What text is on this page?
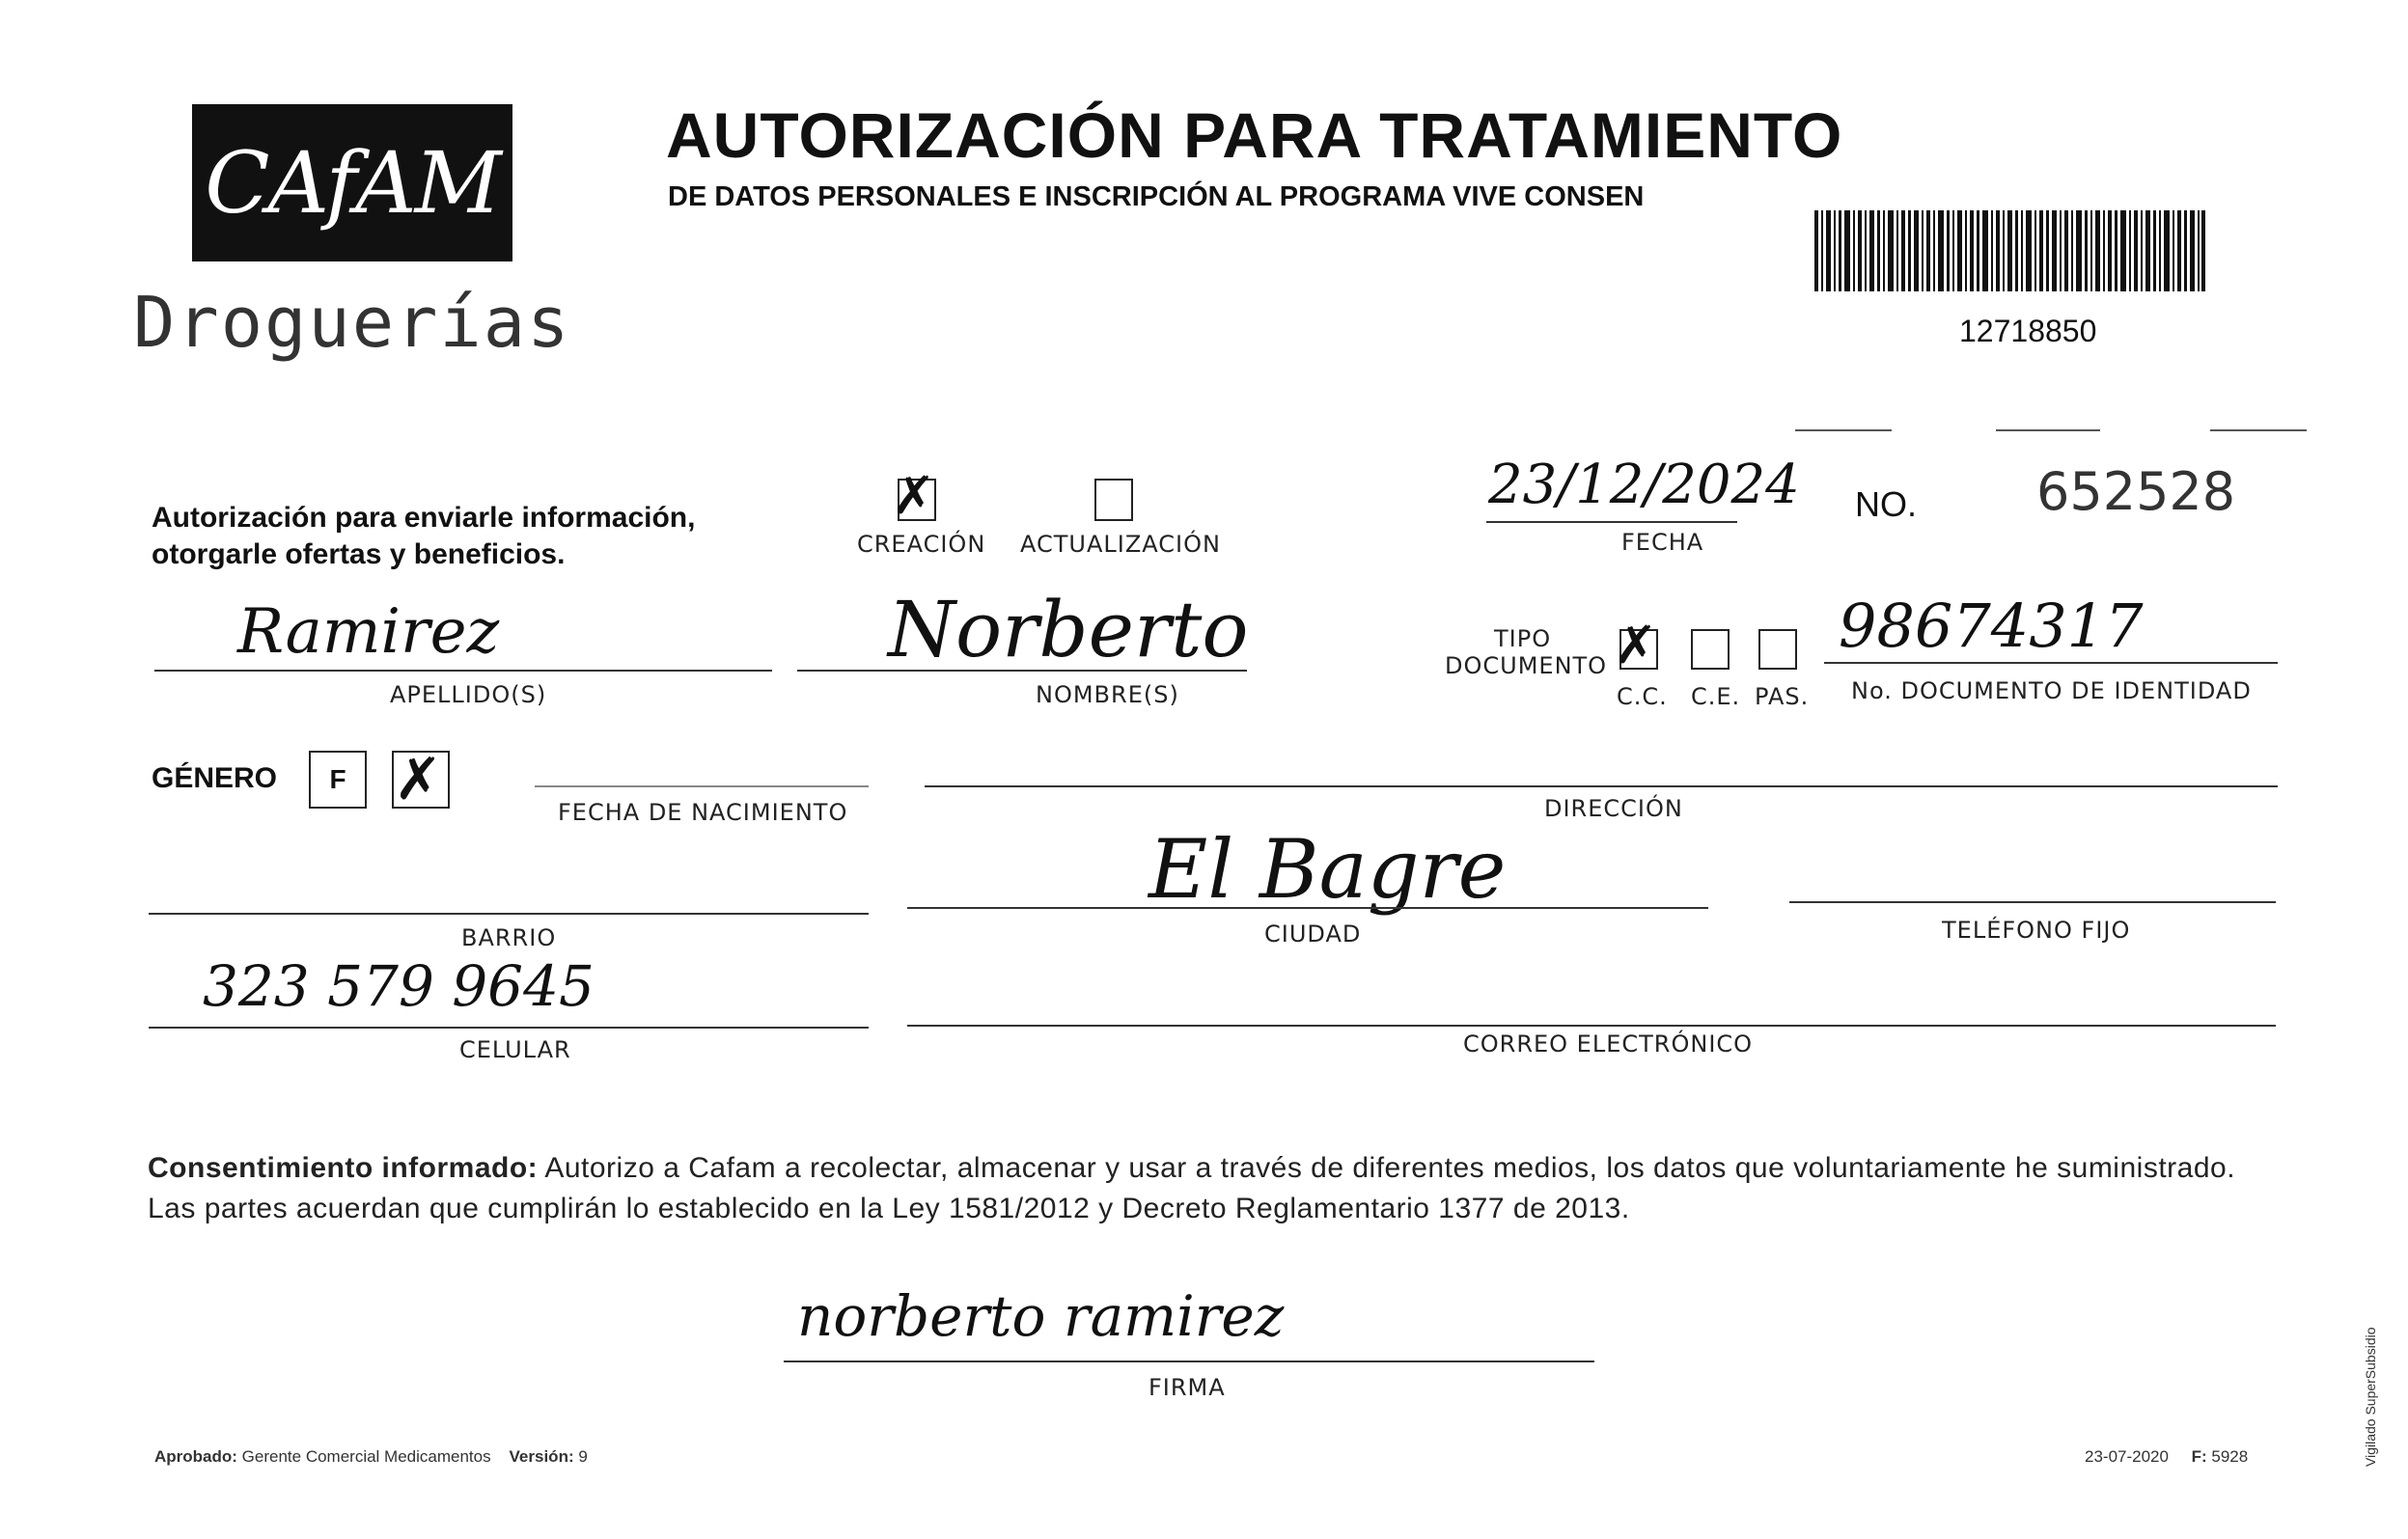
CAfAM
Droguerías
AUTORIZACIÓN PARA TRATAMIENTO
DE DATOS PERSONALES E INSCRIPCIÓN AL PROGRAMA VIVE CONSEN
12718850
Autorización para enviarle información,
otorgarle ofertas y beneficios.
✗
CREACIÓN ACTUALIZACIÓN
23/12/2024
FECHA
NO. 652528
Ramirez
APELLIDO(S)
Norberto
NOMBRE(S)
TIPO
DOCUMENTO ✗
C.C. C.E. PAS.
98674317
No. DOCUMENTO DE IDENTIDAD
GÉNERO F ✗	FECHA DE NACIMIENTO	DIRECCIÓN
BARRIO
El Bagre
CIUDAD	TELÉFONO FIJO
323 579 9645
CELULAR	CORREO ELECTRÓNICO
Consentimiento informado: Autorizo a Cafam a recolectar, almacenar y usar a través de diferentes medios, los datos que voluntariamente he suministrado. Las partes acuerdan que cumplirán lo establecido en la Ley 1581/2012 y Decreto Reglamentario 1377 de 2013.
norberto ramirez
FIRMA
Aprobado: Gerente Comercial Medicamentos Versión: 9	23-07-2020 F: 5928	Vigilado SuperSubsidio
